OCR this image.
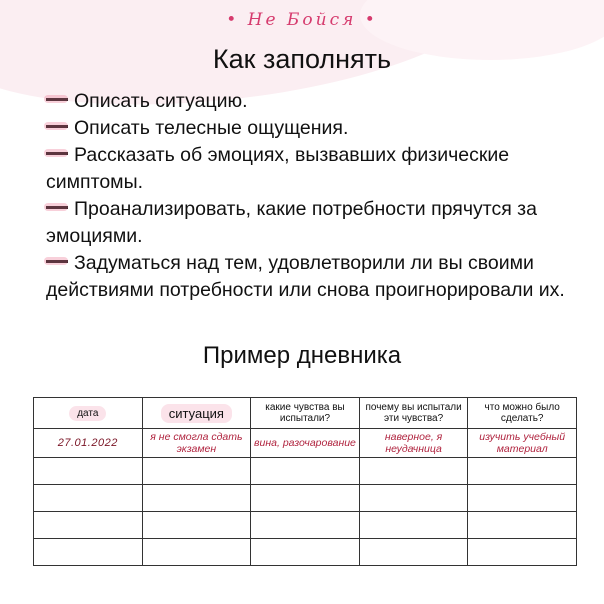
• Не Бойся •
Как заполнять
Описать ситуацию.
Описать телесные ощущения.
Рассказать об эмоциях, вызвавших физические симптомы.
Проанализировать, какие потребности прячутся за эмоциями.
Задуматься над тем, удовлетворили ли вы своими действиями потребности или снова проигнорировали их.
Пример дневника
дата	ситуация	какие чувства вы испытали?	почему вы испытали эти чувства?	что можно было сделать?
27.01.2022	я не смогла сдать экзамен	вина, разочарование	наверное, я неудачница	изучить учебный материал
